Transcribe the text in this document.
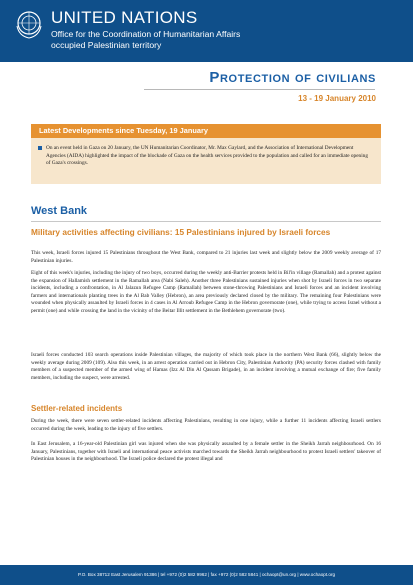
UNITED NATIONS
Office for the Coordination of Humanitarian Affairs
occupied Palestinian territory
Protection of civilians
13 - 19 January 2010
Latest Developments since Tuesday, 19 January
On an event held in Gaza on 20 January, the UN Humanitarian Coordinator, Mr. Max Gaylard, and the Association of International Development Agencies (AIDA) highlighted the impact of the blockade of Gaza on the health services provided to the population and called for an immediate opening of Gaza's crossings.
West Bank
Military activities affecting civilians: 15 Palestinians injured by Israeli forces
This week, Israeli forces injured 15 Palestinians throughout the West Bank, compared to 21 injuries last week and slightly below the 2009 weekly average of 17 Palestinian injuries.
Eight of this week's injuries, including the injury of two boys, occurred during the weekly anti-Barrier protests held in Bil'in village (Ramallah) and a protest against the expansion of Hallamish settlement in the Ramallah area (Nabi Saleh). Another three Palestinians sustained injuries when shot by Israeli forces in two separate incidents, including a confrontation, in Al Jalazun Refugee Camp (Ramallah) between stone-throwing Palestinians and Israeli forces and an incident involving farmers and internationals planting trees in the Al Bab Valley (Hebron), an area previously declared closed by the military. The remaining four Palestinians were wounded when physically assaulted by Israeli forces in 4 cases in Al Arroub Refugee Camp in the Hebron governorate (one), while trying to access Israel without a permit (one) and while crossing the land in the vicinity of the Beitar Illit settlement in the Bethlehem governorate (two).
Israeli forces conducted 103 search operations inside Palestinian villages, the majority of which took place in the northern West Bank (66), slightly below the weekly average during 2009 (109). Also this week, in an arrest operation carried out in Hebron City, Palestinian Authority (PA) security forces clashed with family members of a suspected member of the armed wing of Hamas (Izz Al Din Al Qassam Brigade), in an incident involving a mutual exchange of fire; five family members, including the suspect, were arrested.
Settler-related incidents
During the week, there were seven settler-related incidents affecting Palestinians, resulting in one injury, while a further 11 incidents affecting Israeli settlers occurred during the week, leading to the injury of five settlers.
In East Jerusalem, a 16-year-old Palestinian girl was injured when she was physically assaulted by a female settler in the Sheikh Jarrah neighbourhood. On 16 January, Palestinians, together with Israeli and international peace activists marched towards the Sheikh Jarrah neighbourhood to protest Israeli settlers' takeover of Palestinian houses in the neighbourhood. The Israeli police declared the protest illegal and
P.O. Box 38712 East Jerusalem 91386 | tel +972 (0)2 582 9962 | fax +972 (0)2 582 5841 | ochaopt@un.org | www.ochaopt.org
